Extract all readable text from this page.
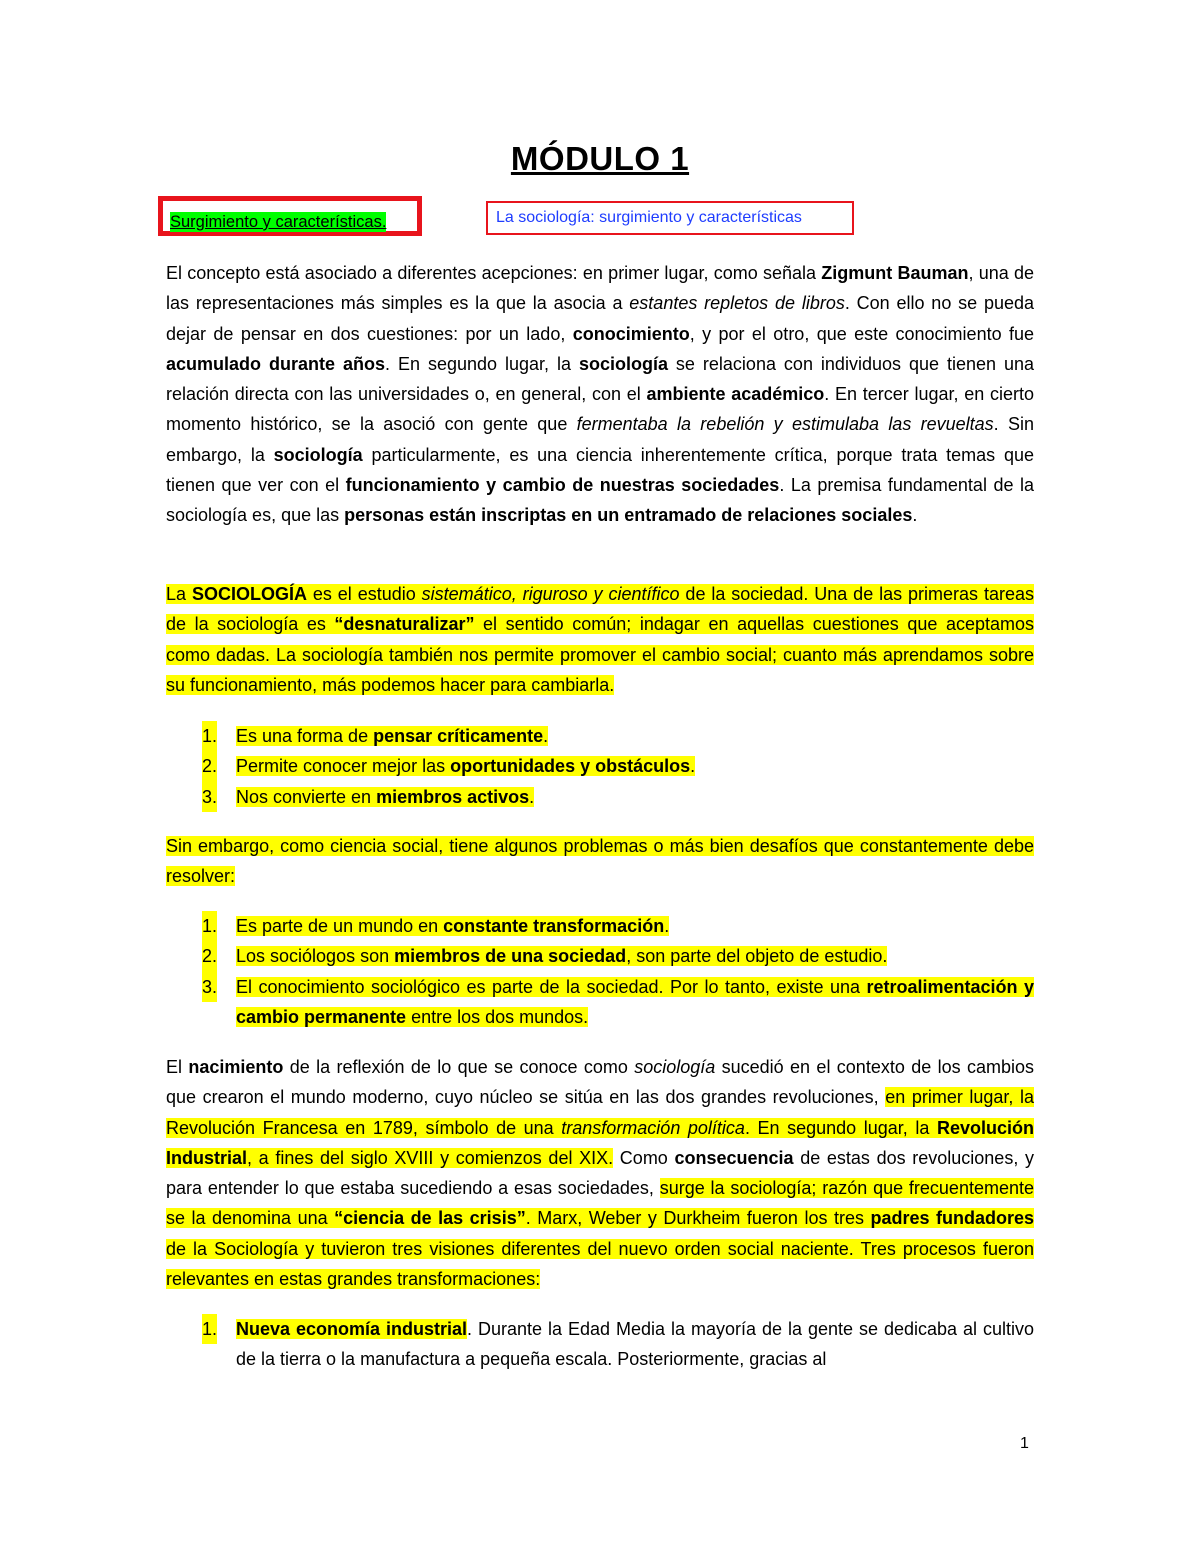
MÓDULO 1
Surgimiento y características.	La sociología: surgimiento y características
El concepto está asociado a diferentes acepciones: en primer lugar, como señala Zigmunt Bauman, una de las representaciones más simples es la que la asocia a estantes repletos de libros. Con ello no se pueda dejar de pensar en dos cuestiones: por un lado, conocimiento, y por el otro, que este conocimiento fue acumulado durante años. En segundo lugar, la sociología se relaciona con individuos que tienen una relación directa con las universidades o, en general, con el ambiente académico. En tercer lugar, en cierto momento histórico, se la asoció con gente que fermentaba la rebelión y estimulaba las revueltas. Sin embargo, la sociología particularmente, es una ciencia inherentemente crítica, porque trata temas que tienen que ver con el funcionamiento y cambio de nuestras sociedades. La premisa fundamental de la sociología es, que las personas están inscriptas en un entramado de relaciones sociales.
La SOCIOLOGÍA es el estudio sistemático, riguroso y científico de la sociedad. Una de las primeras tareas de la sociología es “desnaturalizar” el sentido común; indagar en aquellas cuestiones que aceptamos como dadas. La sociología también nos permite promover el cambio social; cuanto más aprendamos sobre su funcionamiento, más podemos hacer para cambiarla.
1. Es una forma de pensar críticamente.
2. Permite conocer mejor las oportunidades y obstáculos.
3. Nos convierte en miembros activos.
Sin embargo, como ciencia social, tiene algunos problemas o más bien desafíos que constantemente debe resolver:
1. Es parte de un mundo en constante transformación.
2. Los sociólogos son miembros de una sociedad, son parte del objeto de estudio.
3. El conocimiento sociológico es parte de la sociedad. Por lo tanto, existe una retroalimentación y cambio permanente entre los dos mundos.
El nacimiento de la reflexión de lo que se conoce como sociología sucedió en el contexto de los cambios que crearon el mundo moderno, cuyo núcleo se sitúa en las dos grandes revoluciones, en primer lugar, la Revolución Francesa en 1789, símbolo de una transformación política. En segundo lugar, la Revolución Industrial, a fines del siglo XVIII y comienzos del XIX. Como consecuencia de estas dos revoluciones, y para entender lo que estaba sucediendo a esas sociedades, surge la sociología; razón que frecuentemente se la denomina una “ciencia de las crisis”. Marx, Weber y Durkheim fueron los tres padres fundadores de la Sociología y tuvieron tres visiones diferentes del nuevo orden social naciente. Tres procesos fueron relevantes en estas grandes transformaciones:
1. Nueva economía industrial. Durante la Edad Media la mayoría de la gente se dedicaba al cultivo de la tierra o la manufactura a pequeña escala. Posteriormente, gracias al
1
